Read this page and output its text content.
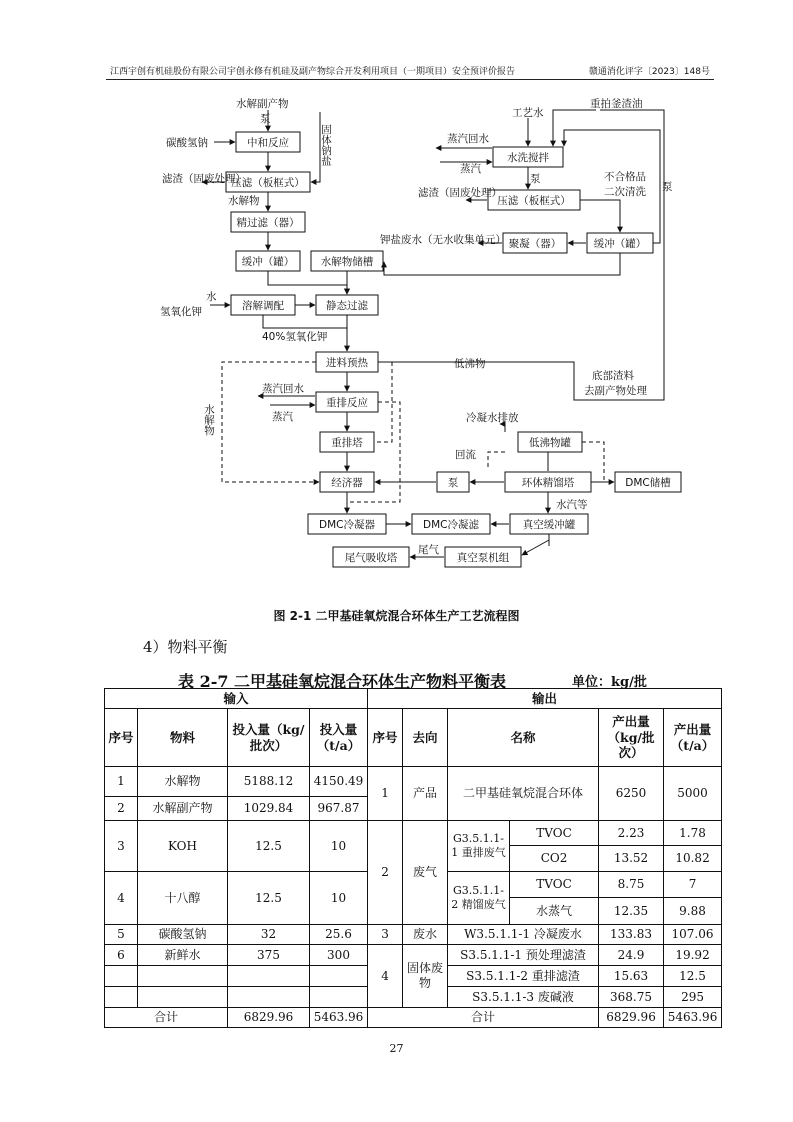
江西宇创有机硅股份有限公司宇创永修有机硅及副产物综合开发利用项目（一期项目）安全预评价报告	赣通消化评字〔2023〕148号
中和反应
压滤（板框式）
精过滤（器）
缓冲（罐）	水解物储槽
溶解调配	静态过滤
进料预热
重排反应
重排塔
经济器
DMC冷凝器	DMC冷凝滤
尾气吸收塔	真空泵机组
真空缓冲罐
环体精馏塔	DMC储槽
泵
低沸物罐
水洗搅拌
压滤（板框式）
聚凝（器）	缓冲（罐）
水解副产物
泵
碳酸氢钠	固体钠盐
滤渣（固废处理）
水解物
水
氢氧化钾
40%氢氧化钾
低沸物
蒸汽回水
蒸汽
水解物
底部渣料
去副产物处理
冷凝水排放
回流
水汽等
尾气
工艺水
重拍釜渣油
蒸汽回水
蒸汽
泵
滤渣（固废处理）
钾盐废水（无水收集单元）
不合格品
二次清洗 泵
图 2-1 二甲基硅氧烷混合环体生产工艺流程图
4）物料平衡
表 2-7 二甲基硅氧烷混合环体生产物料平衡表	单位：kg/批
输入				输出					
序号	物料	投入量（kg/批次）	投入量（t/a）	序号	去向	名称		产出量（kg/批次）	产出量（t/a）
1	水解物	5188.12	4150.49	1	产品	二甲基硅氧烷混合环体		6250	5000
2	水解副产物	1029.84	967.87						
3	KOH	12.5	10	2	废气	G3.5.1.1-1 重排废气	TVOC	2.23	1.78
							CO2	13.52	10.82
4	十八醇	12.5	10			G3.5.1.1-2 精馏废气	TVOC	8.75	7
							水蒸气	12.35	9.88
5	碳酸氢钠	32	25.6	3	废水	W3.5.1.1-1 冷凝废水		133.83	107.06
6	新鲜水	375	300	4	固体废物	S3.5.1.1-1 预处理滤渣		24.9	19.92
						S3.5.1.1-2 重排滤渣		15.63	12.5
						S3.5.1.1-3 废碱液		368.75	295
合计		6829.96	5463.96	合计				6829.96	5463.96
27
